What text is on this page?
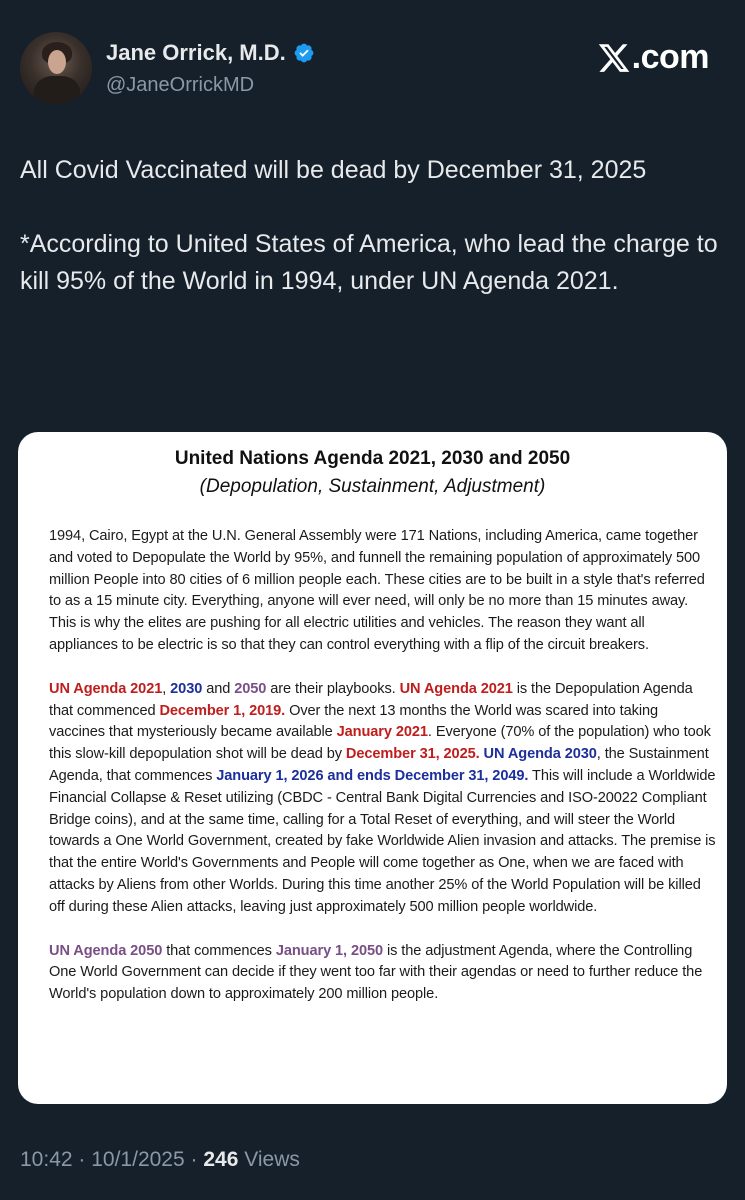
Jane Orrick, M.D.
@JaneOrrickMD
.com

All Covid Vaccinated will be dead by December 31, 2025

*According to United States of America, who lead the charge to kill 95% of the World in 1994, under UN Agenda 2021.

United Nations Agenda 2021, 2030 and 2050
(Depopulation, Sustainment, Adjustment)

1994, Cairo, Egypt at the U.N. General Assembly were 171 Nations, including America, came together and voted to Depopulate the World by 95%, and funnell the remaining population of approximately 500 million People into 80 cities of 6 million people each. These cities are to be built in a style that's referred to as a 15 minute city. Everything, anyone will ever need, will only be no more than 15 minutes away. This is why the elites are pushing for all electric utilities and vehicles. The reason they want all appliances to be electric is so that they can control everything with a flip of the circuit breakers.

UN Agenda 2021, 2030 and 2050 are their playbooks. UN Agenda 2021 is the Depopulation Agenda that commenced December 1, 2019. Over the next 13 months the World was scared into taking vaccines that mysteriously became available January 2021. Everyone (70% of the population) who took this slow-kill depopulation shot will be dead by December 31, 2025. UN Agenda 2030, the Sustainment Agenda, that commences January 1, 2026 and ends December 31, 2049. This will include a Worldwide Financial Collapse & Reset utilizing (CBDC - Central Bank Digital Currencies and ISO-20022 Compliant Bridge coins), and at the same time, calling for a Total Reset of everything, and will steer the World towards a One World Government, created by fake Worldwide Alien invasion and attacks. The premise is that the entire World's Governments and People will come together as One, when we are faced with attacks by Aliens from other Worlds. During this time another 25% of the World Population will be killed off during these Alien attacks, leaving just approximately 500 million people worldwide.

UN Agenda 2050 that commences January 1, 2050 is the adjustment Agenda, where the Controlling One World Government can decide if they went too far with their agendas or need to further reduce the World's population down to approximately 200 million people.

10:42 · 10/1/2025 · 246 Views
